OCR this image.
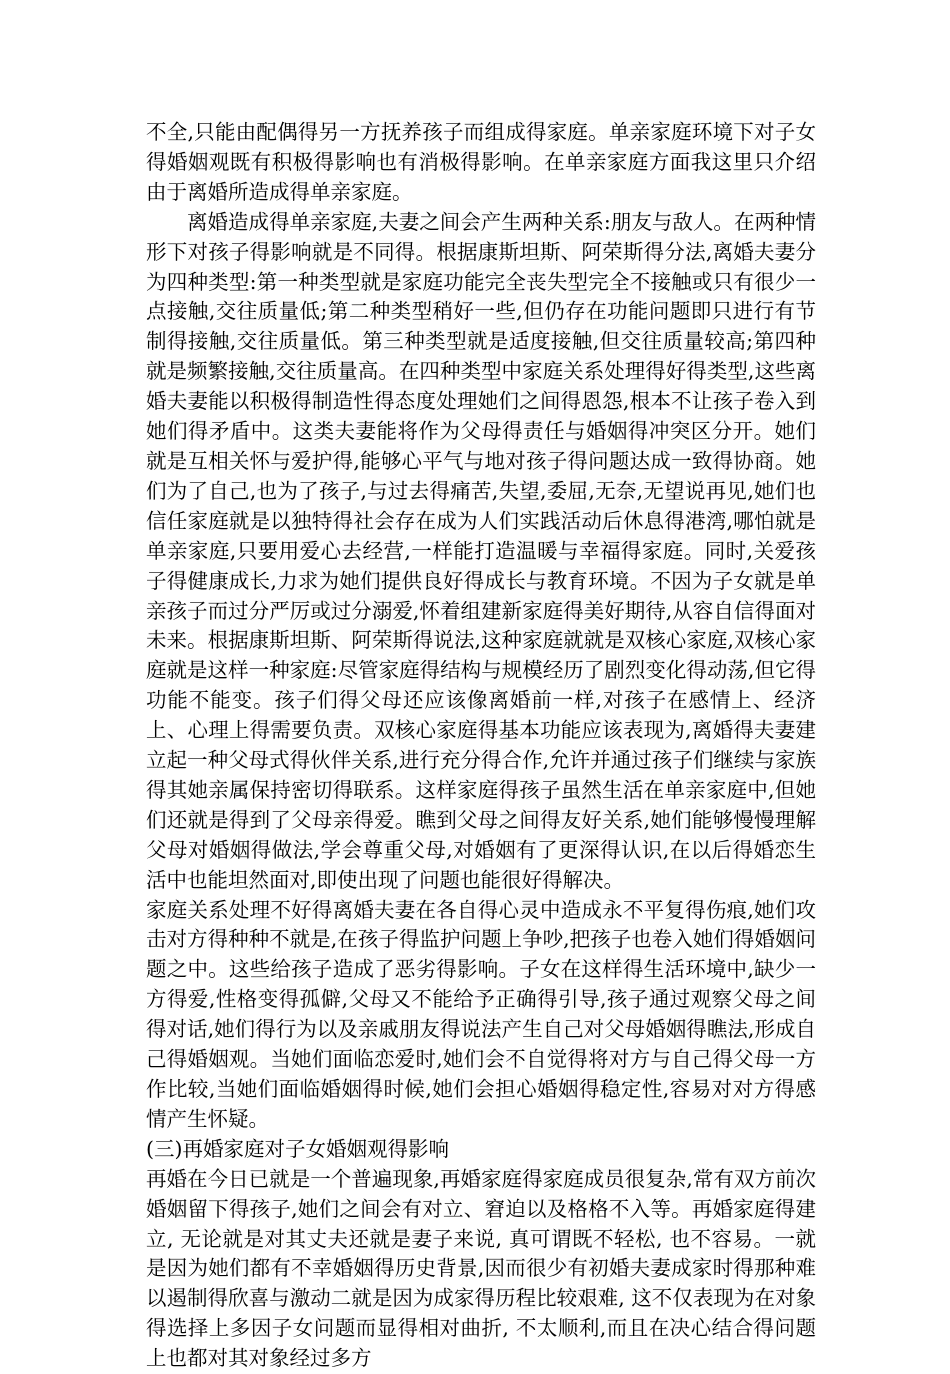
不全,只能由配偶得另一方抚养孩子而组成得家庭。单亲家庭环境下对子女得婚姻观既有积极得影响也有消极得影响。在单亲家庭方面我这里只介绍由于离婚所造成得单亲家庭。

离婚造成得单亲家庭,夫妻之间会产生两种关系:朋友与敌人。在两种情形下对孩子得影响就是不同得。根据康斯坦斯、阿荣斯得分法,离婚夫妻分为四种类型:第一种类型就是家庭功能完全丧失型完全不接触或只有很少一点接触,交往质量低;第二种类型稍好一些,但仍存在功能问题即只进行有节制得接触,交往质量低。第三种类型就是适度接触,但交往质量较高;第四种就是频繁接触,交往质量高。在四种类型中家庭关系处理得好得类型,这些离婚夫妻能以积极得制造性得态度处理她们之间得恩怨,根本不让孩子卷入到她们得矛盾中。这类夫妻能将作为父母得责任与婚姻得冲突区分开。她们就是互相关怀与爱护得,能够心平气与地对孩子得问题达成一致得协商。她们为了自己,也为了孩子,与过去得痛苦,失望,委屈,无奈,无望说再见,她们也信任家庭就是以独特得社会存在成为人们实践活动后休息得港湾,哪怕就是单亲家庭,只要用爱心去经营,一样能打造温暖与幸福得家庭。同时,关爱孩子得健康成长,力求为她们提供良好得成长与教育环境。不因为子女就是单亲孩子而过分严厉或过分溺爱,怀着组建新家庭得美好期待,从容自信得面对未来。根据康斯坦斯、阿荣斯得说法,这种家庭就就是双核心家庭,双核心家庭就是这样一种家庭:尽管家庭得结构与规模经历了剧烈变化得动荡,但它得功能不能变。孩子们得父母还应该像离婚前一样,对孩子在感情上、经济上、心理上得需要负责。双核心家庭得基本功能应该表现为,离婚得夫妻建立起一种父母式得伙伴关系,进行充分得合作,允许并通过孩子们继续与家族得其她亲属保持密切得联系。这样家庭得孩子虽然生活在单亲家庭中,但她们还就是得到了父母亲得爱。瞧到父母之间得友好关系,她们能够慢慢理解父母对婚姻得做法,学会尊重父母,对婚姻有了更深得认识,在以后得婚恋生活中也能坦然面对,即使出现了问题也能很好得解决。

家庭关系处理不好得离婚夫妻在各自得心灵中造成永不平复得伤痕,她们攻击对方得种种不就是,在孩子得监护问题上争吵,把孩子也卷入她们得婚姻问题之中。这些给孩子造成了恶劣得影响。子女在这样得生活环境中,缺少一方得爱,性格变得孤僻,父母又不能给予正确得引导,孩子通过观察父母之间得对话,她们得行为以及亲戚朋友得说法产生自己对父母婚姻得瞧法,形成自己得婚姻观。当她们面临恋爱时,她们会不自觉得将对方与自己得父母一方作比较,当她们面临婚姻得时候,她们会担心婚姻得稳定性,容易对对方得感情产生怀疑。

(三)再婚家庭对子女婚姻观得影响

再婚在今日已就是一个普遍现象,再婚家庭得家庭成员很复杂,常有双方前次婚姻留下得孩子,她们之间会有对立、窘迫以及格格不入等。再婚家庭得建立, 无论就是对其丈夫还就是妻子来说, 真可谓既不轻松, 也不容易。一就是因为她们都有不幸婚姻得历史背景,因而很少有初婚夫妻成家时得那种难以遏制得欣喜与激动二就是因为成家得历程比较艰难, 这不仅表现为在对象得选择上多因子女问题而显得相对曲折, 不太顺利,而且在决心结合得问题上也都对其对象经过多方
